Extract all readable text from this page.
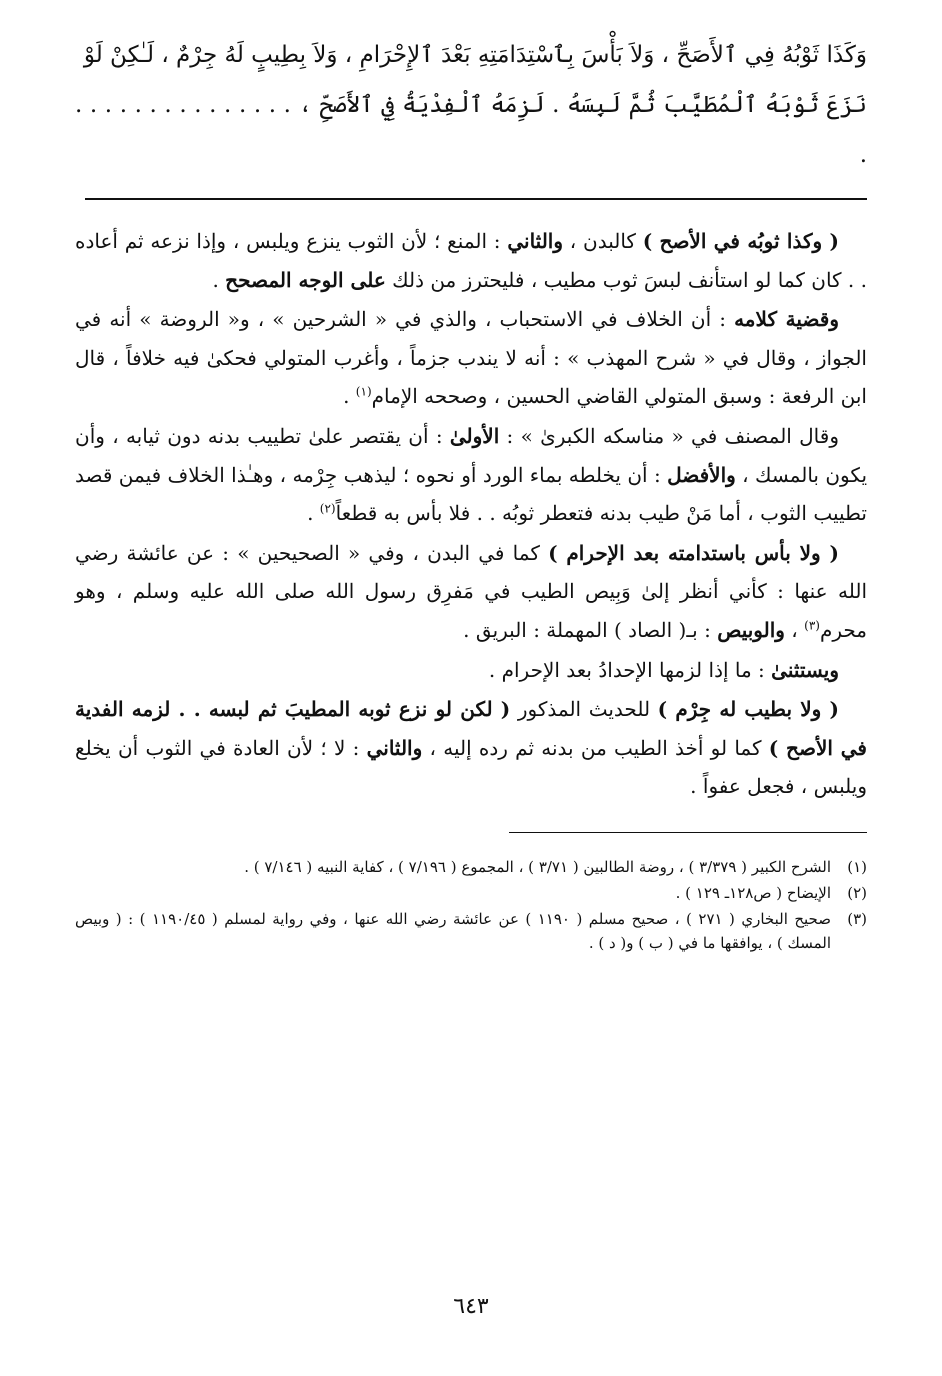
وَكَذَا ثَوْبُهُ فِي ٱلأَصَحِّ ، وَلاَ بَأْسَ بِٱسْتِدَامَتِهِ بَعْدَ ٱلإِحْرَامِ ، وَلاَ بِطِيبٍ لَهُ جِرْمٌ ، لَـٰكِنْ لَوْ
نَزَعَ ثَوْبَهُ ٱلْمُطَيَّبَ ثُمَّ لَبِسَهُ . لَزِمَهُ ٱلْفِدْيَةُ فِي ٱلأَصَحِّ ، . . . . . . . . . . . . . . . .

( وكذا ثوبُه في الأصح ) كالبدن ، والثاني : المنع ؛ لأن الثوب ينزع ويلبس ، وإذا نزعه ثم أعاده . . كان كما لو استأنف لبسَ ثوب مطيب ، فليحترز من ذلك على الوجه المصحح .

وقضية كلامه : أن الخلاف في الاستحباب ، والذي في « الشرحين » ، و« الروضة » أنه في الجواز ، وقال في « شرح المهذب » : أنه لا يندب جزماً ، وأغرب المتولي فحكىٰ فيه خلافاً ، قال ابن الرفعة : وسبق المتولي القاضي الحسين ، وصححه الإمام$^{(١)}$ .

وقال المصنف في « مناسكه الكبرىٰ » : الأولىٰ : أن يقتصر علىٰ تطييب بدنه دون ثيابه ، وأن يكون بالمسك ، والأفضل : أن يخلطه بماء الورد أو نحوه ؛ ليذهب جِرْمه ، وهـٰذا الخلاف فيمن قصد تطييب الثوب ، أما مَنْ طيب بدنه فتعطر ثوبُه . . فلا بأس به قطعاً$^{(٢)}$ .

( ولا بأس باستدامته بعد الإحرام ) كما في البدن ، وفي « الصحيحين » : عن عائشة رضي الله عنها : كأني أنظر إلىٰ وَبِيص الطيب في مَفرِق رسول الله صلى الله عليه وسلم ، وهو محرم$^{(٣)}$ ، والوبيص : بـ( الصاد ) المهملة : البريق .

ويستثنىٰ : ما إذا لزمها الإحدادُ بعد الإحرام .

( ولا بطيب له جِرْم ) للحديث المذكور ( لكن لو نزع ثوبه المطيبَ ثم لبسه . . لزمه الفدية في الأصح ) كما لو أخذ الطيب من بدنه ثم رده إليه ، والثاني : لا ؛ لأن العادة في الثوب أن يخلع ويلبس ، فجعل عفواً .

(١)
الشرح الكبير ( ٣/٣٧٩ ) ، روضة الطالبين ( ٣/٧١ ) ، المجموع ( ٧/١٩٦ ) ، كفاية النبيه ( ٧/١٤٦ ) .
(٢)
الإيضاح ( ص١٢٨ـ ١٢٩ ) .
(٣)
صحيح البخاري ( ٢٧١ ) ، صحيح مسلم ( ١١٩٠ ) عن عائشة رضي الله عنها ، وفي رواية لمسلم ( ١١٩٠/٤٥ ) : ( وبيص المسك ) ، يوافقها ما في ( ب ) و( د ) .
٦٤٣
